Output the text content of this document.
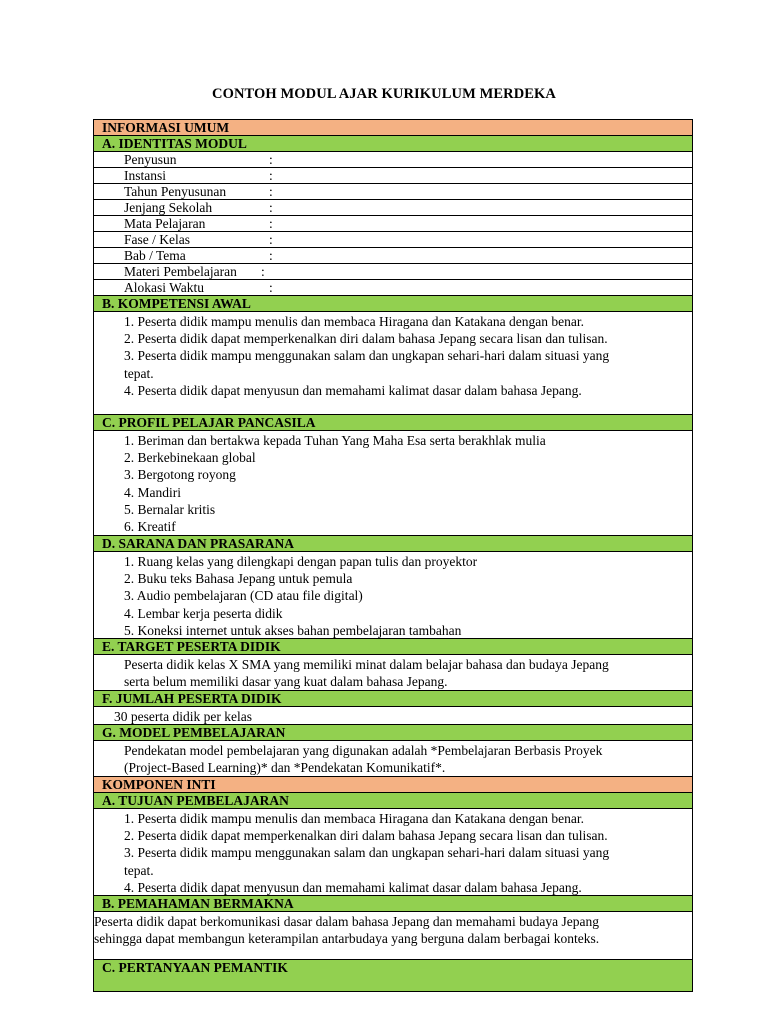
CONTOH MODUL AJAR KURIKULUM MERDEKA
INFORMASI UMUM
A. IDENTITAS MODUL
Penyusun	:
Instansi	:
Tahun Penyusunan	:
Jenjang Sekolah	:
Mata Pelajaran	:
Fase / Kelas	:
Bab / Tema	:
Materi Pembelajaran :
Alokasi Waktu	:
B. KOMPETENSI AWAL
1. Peserta didik mampu menulis dan membaca Hiragana dan Katakana dengan benar.
2. Peserta didik dapat memperkenalkan diri dalam bahasa Jepang secara lisan dan tulisan.
3. Peserta didik mampu menggunakan salam dan ungkapan sehari-hari dalam situasi yang
tepat.
4. Peserta didik dapat menyusun dan memahami kalimat dasar dalam bahasa Jepang.
C. PROFIL PELAJAR PANCASILA
1. Beriman dan bertakwa kepada Tuhan Yang Maha Esa serta berakhlak mulia
2. Berkebinekaan global
3. Bergotong royong
4. Mandiri
5. Bernalar kritis
6. Kreatif
D. SARANA DAN PRASARANA
1. Ruang kelas yang dilengkapi dengan papan tulis dan proyektor
2. Buku teks Bahasa Jepang untuk pemula
3. Audio pembelajaran (CD atau file digital)
4. Lembar kerja peserta didik
5. Koneksi internet untuk akses bahan pembelajaran tambahan
E. TARGET PESERTA DIDIK
Peserta didik kelas X SMA yang memiliki minat dalam belajar bahasa dan budaya Jepang
serta belum memiliki dasar yang kuat dalam bahasa Jepang.
F. JUMLAH PESERTA DIDIK
30 peserta didik per kelas
G. MODEL PEMBELAJARAN
Pendekatan model pembelajaran yang digunakan adalah *Pembelajaran Berbasis Proyek
(Project-Based Learning)* dan *Pendekatan Komunikatif*.
KOMPONEN INTI
A. TUJUAN PEMBELAJARAN
1. Peserta didik mampu menulis dan membaca Hiragana dan Katakana dengan benar.
2. Peserta didik dapat memperkenalkan diri dalam bahasa Jepang secara lisan dan tulisan.
3. Peserta didik mampu menggunakan salam dan ungkapan sehari-hari dalam situasi yang
tepat.
4. Peserta didik dapat menyusun dan memahami kalimat dasar dalam bahasa Jepang.
B. PEMAHAMAN BERMAKNA
Peserta didik dapat berkomunikasi dasar dalam bahasa Jepang dan memahami budaya Jepang
sehingga dapat membangun keterampilan antarbudaya yang berguna dalam berbagai konteks.
C. PERTANYAAN PEMANTIK
